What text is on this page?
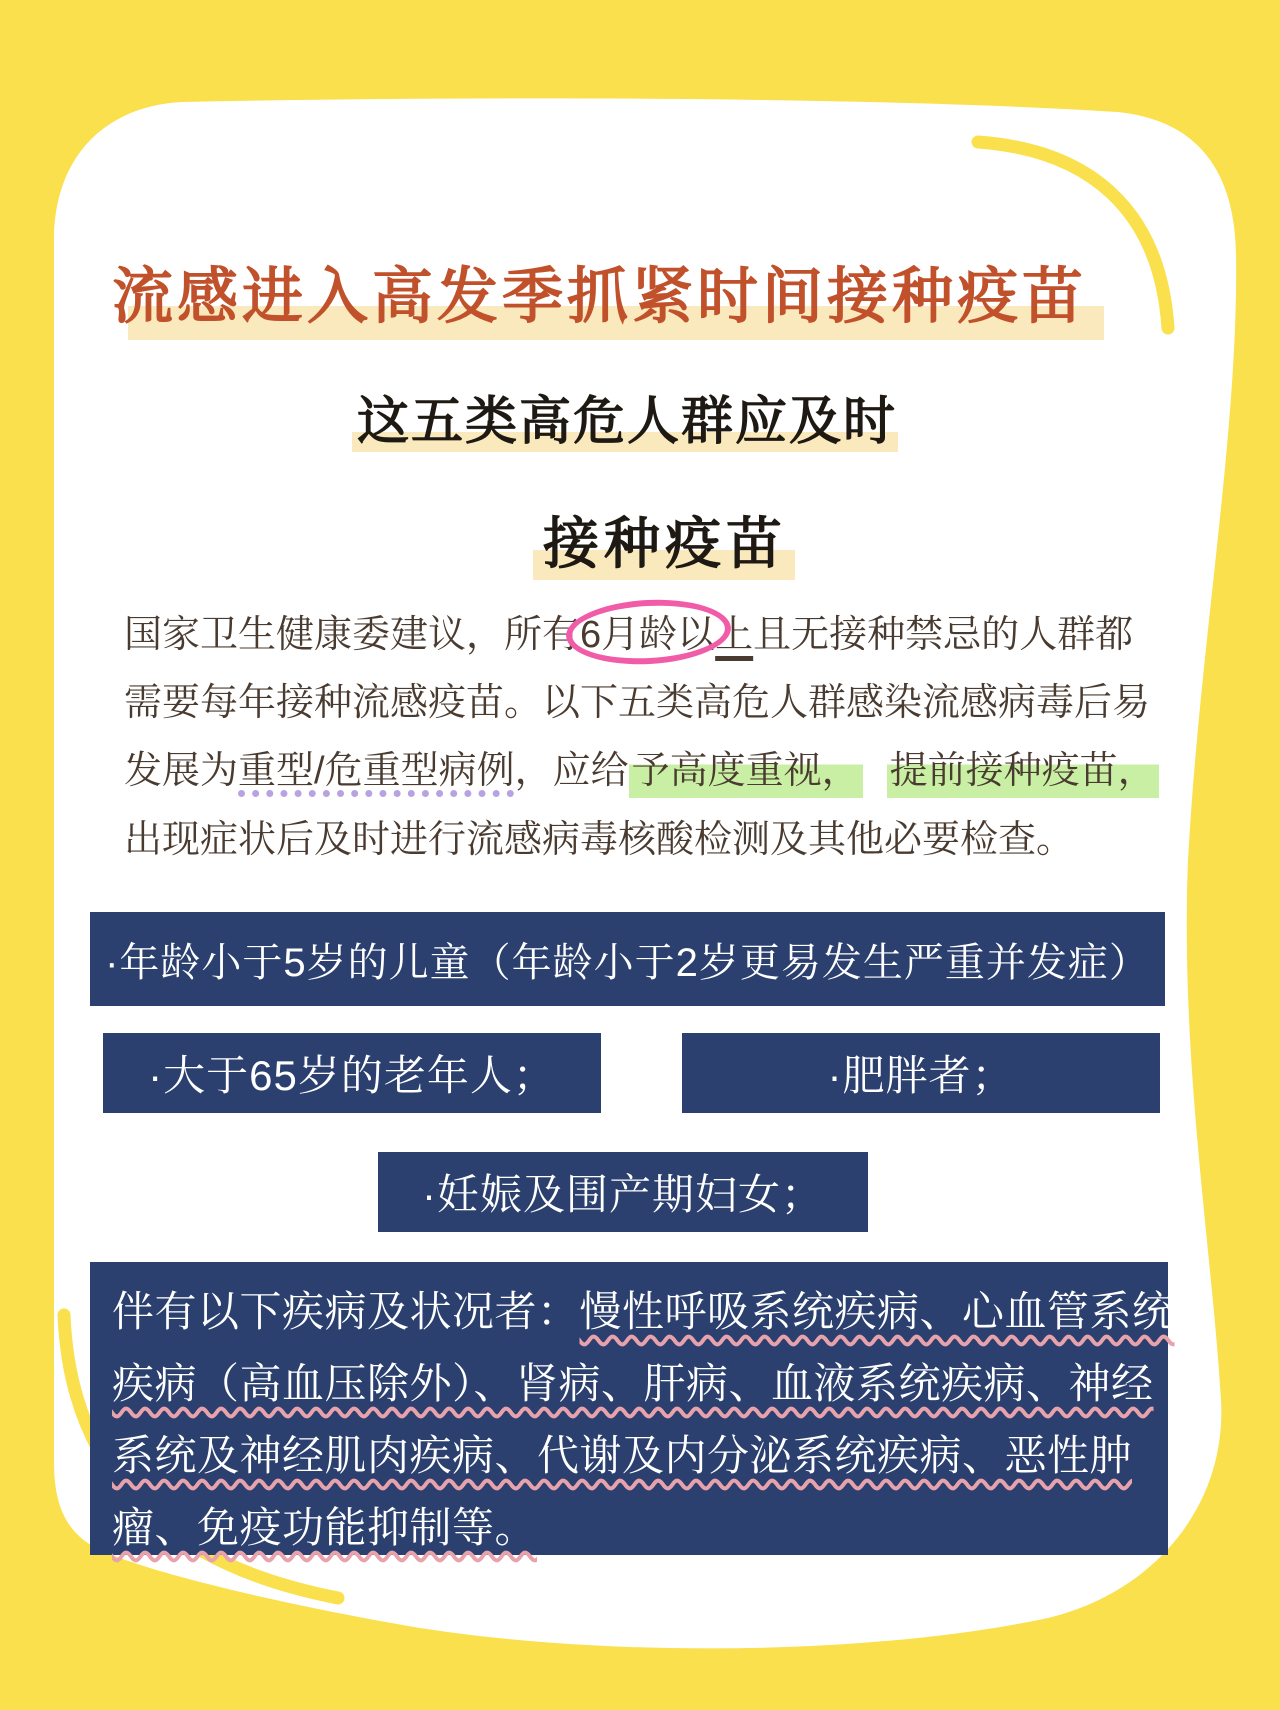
流感进入高发季抓紧时间接种疫苗
这五类高危人群应及时
接种疫苗
国家卫生健康委建议，所有6月龄以
上且无接种禁忌的人群都
需要每年接种流感疫苗。以下五类高危人群感染流感病毒后易
发展为重型/危重型病例，应给予高度重视， 提前接种疫苗，
出现症状后及时进行流感病毒核酸检测及其他必要检查。
·年龄小于5岁的儿童（年龄小于2岁更易发生严重并发症）
·大于65岁的老年人；	·肥胖者；
·妊娠及围产期妇女；
伴有以下疾病及状况者：慢性呼吸系统疾病、心血管系统
疾病（高血压除外）、肾病、肝病、血液系统疾病、神经
系统及神经肌肉疾病、代谢及内分泌系统疾病、恶性肿
瘤、免疫功能抑制等。
